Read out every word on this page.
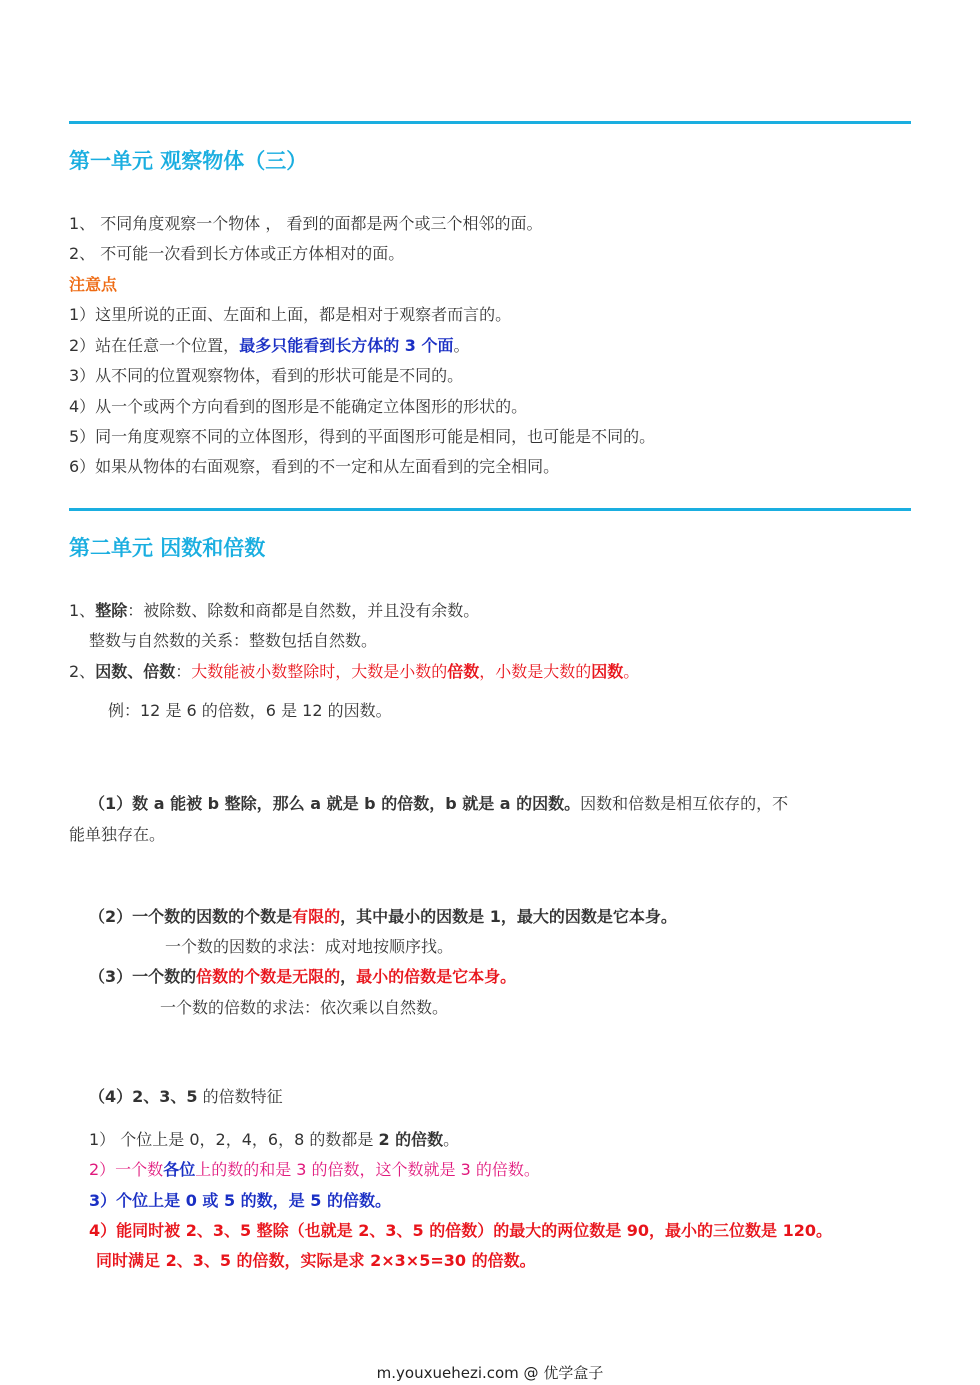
第一单元 观察物体（三）
1、 不同角度观察一个物体 ， 看到的面都是两个或三个相邻的面。
2、 不可能一次看到长方体或正方体相对的面。
注意点
1）这里所说的正面、左面和上面，都是相对于观察者而言的。
2）站在任意一个位置，最多只能看到长方体的 3 个面。
3）从不同的位置观察物体，看到的形状可能是不同的。
4）从一个或两个方向看到的图形是不能确定立体图形的形状的。
5）同一角度观察不同的立体图形，得到的平面图形可能是相同，也可能是不同的。
6）如果从物体的右面观察，看到的不一定和从左面看到的完全相同。
第二单元 因数和倍数
1、整除：被除数、除数和商都是自然数，并且没有余数。
整数与自然数的关系：整数包括自然数。
2、因数、倍数：大数能被小数整除时，大数是小数的倍数，小数是大数的因数。
例：12 是 6 的倍数，6 是 12 的因数。
（1）数 a 能被 b 整除，那么 a 就是 b 的倍数，b 就是 a 的因数。因数和倍数是相互依存的，不
能单独存在。
（2）一个数的因数的个数是有限的，其中最小的因数是 1，最大的因数是它本身。
一个数的因数的求法：成对地按顺序找。
（3）一个数的倍数的个数是无限的，最小的倍数是它本身。
一个数的倍数的求法：依次乘以自然数。
（4）2、3、5 的倍数特征
1） 个位上是 0，2，4，6，8 的数都是 2 的倍数。
2）一个数各位上的数的和是 3 的倍数，这个数就是 3 的倍数。
3）个位上是 0 或 5 的数，是 5 的倍数。
4）能同时被 2、3、5 整除（也就是 2、3、5 的倍数）的最大的两位数是 90，最小的三位数是 120。
同时满足 2、3、5 的倍数，实际是求 2×3×5=30 的倍数。
m.youxuehezi.com @ 优学盒子
